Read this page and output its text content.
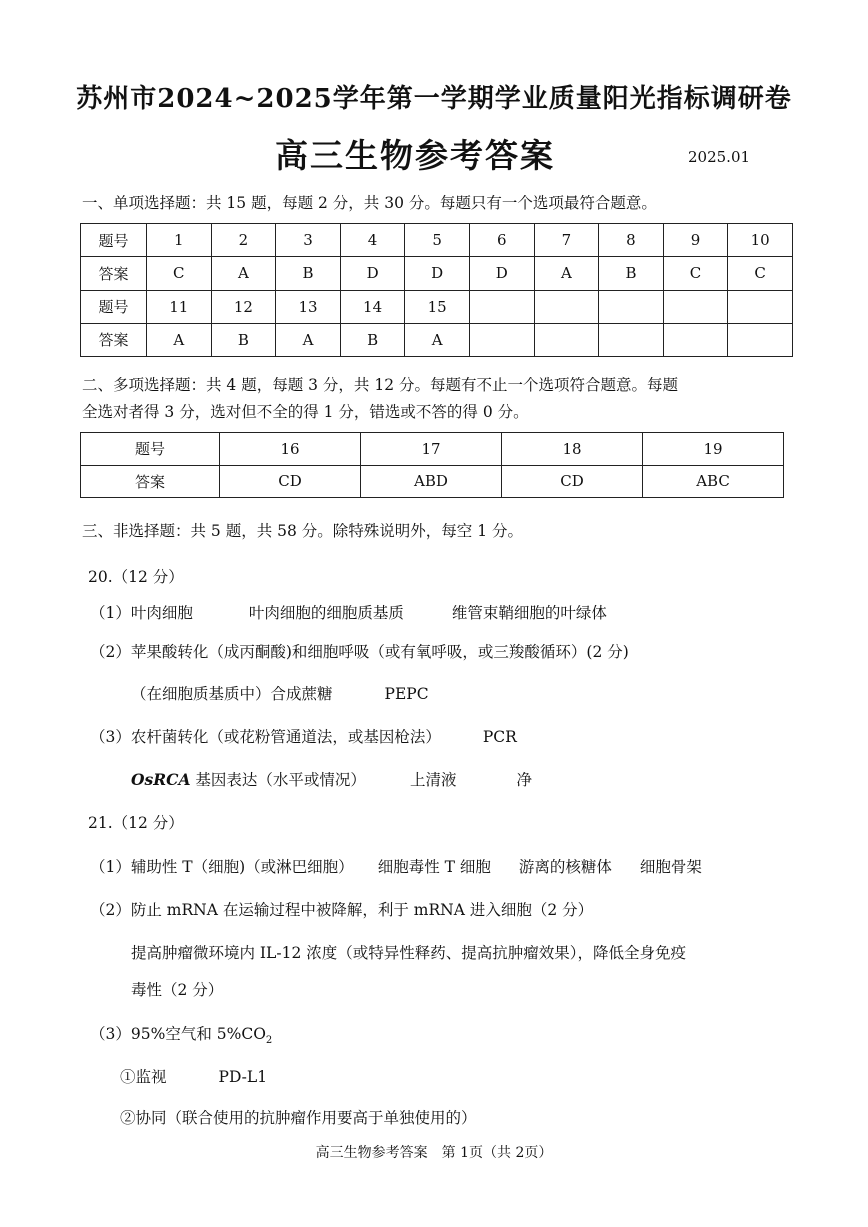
苏州市2024~2025学年第一学期学业质量阳光指标调研卷
高三生物参考答案	2025.01
一、单项选择题：共 15 题，每题 2 分，共 30 分。每题只有一个选项最符合题意。
题号	1	2	3	4	5	6	7	8	9	10
答案	C	A	B	D	D	D	A	B	C	C
题号	11	12	13	14	15					
答案	A	B	A	B	A					
二、多项选择题：共 4 题，每题 3 分，共 12 分。每题有不止一个选项符合题意。每题
全选对者得 3 分，选对但不全的得 1 分，错选或不答的得 0 分。
题号	16	17	18	19
答案	CD	ABD	CD	ABC
三、非选择题：共 5 题，共 58 分。除特殊说明外，每空 1 分。
20.（12 分）
（1）叶肉细胞	叶肉细胞的细胞质基质	维管束鞘细胞的叶绿体
（2）苹果酸转化（成丙酮酸)和细胞呼吸（或有氧呼吸，或三羧酸循环）(2 分)
（在细胞质基质中）合成蔗糖	PEPC
（3）农杆菌转化（或花粉管通道法，或基因枪法）	PCR
OsRCA 基因表达（水平或情况）	上清液	净
21.（12 分）
（1）辅助性 T（细胞)（或淋巴细胞） 细胞毒性 T 细胞 游离的核糖体 细胞骨架
（2）防止 mRNA 在运输过程中被降解，利于 mRNA 进入细胞（2 分）
提高肿瘤微环境内 IL-12 浓度（或特异性释药、提高抗肿瘤效果），降低全身免疫
毒性（2 分）
（3）95%空气和 $5\%CO_2$
①监视	PD-L1
②协同（联合使用的抗肿瘤作用要高于单独使用的）
高三生物参考答案　第 1页（共 2页）
